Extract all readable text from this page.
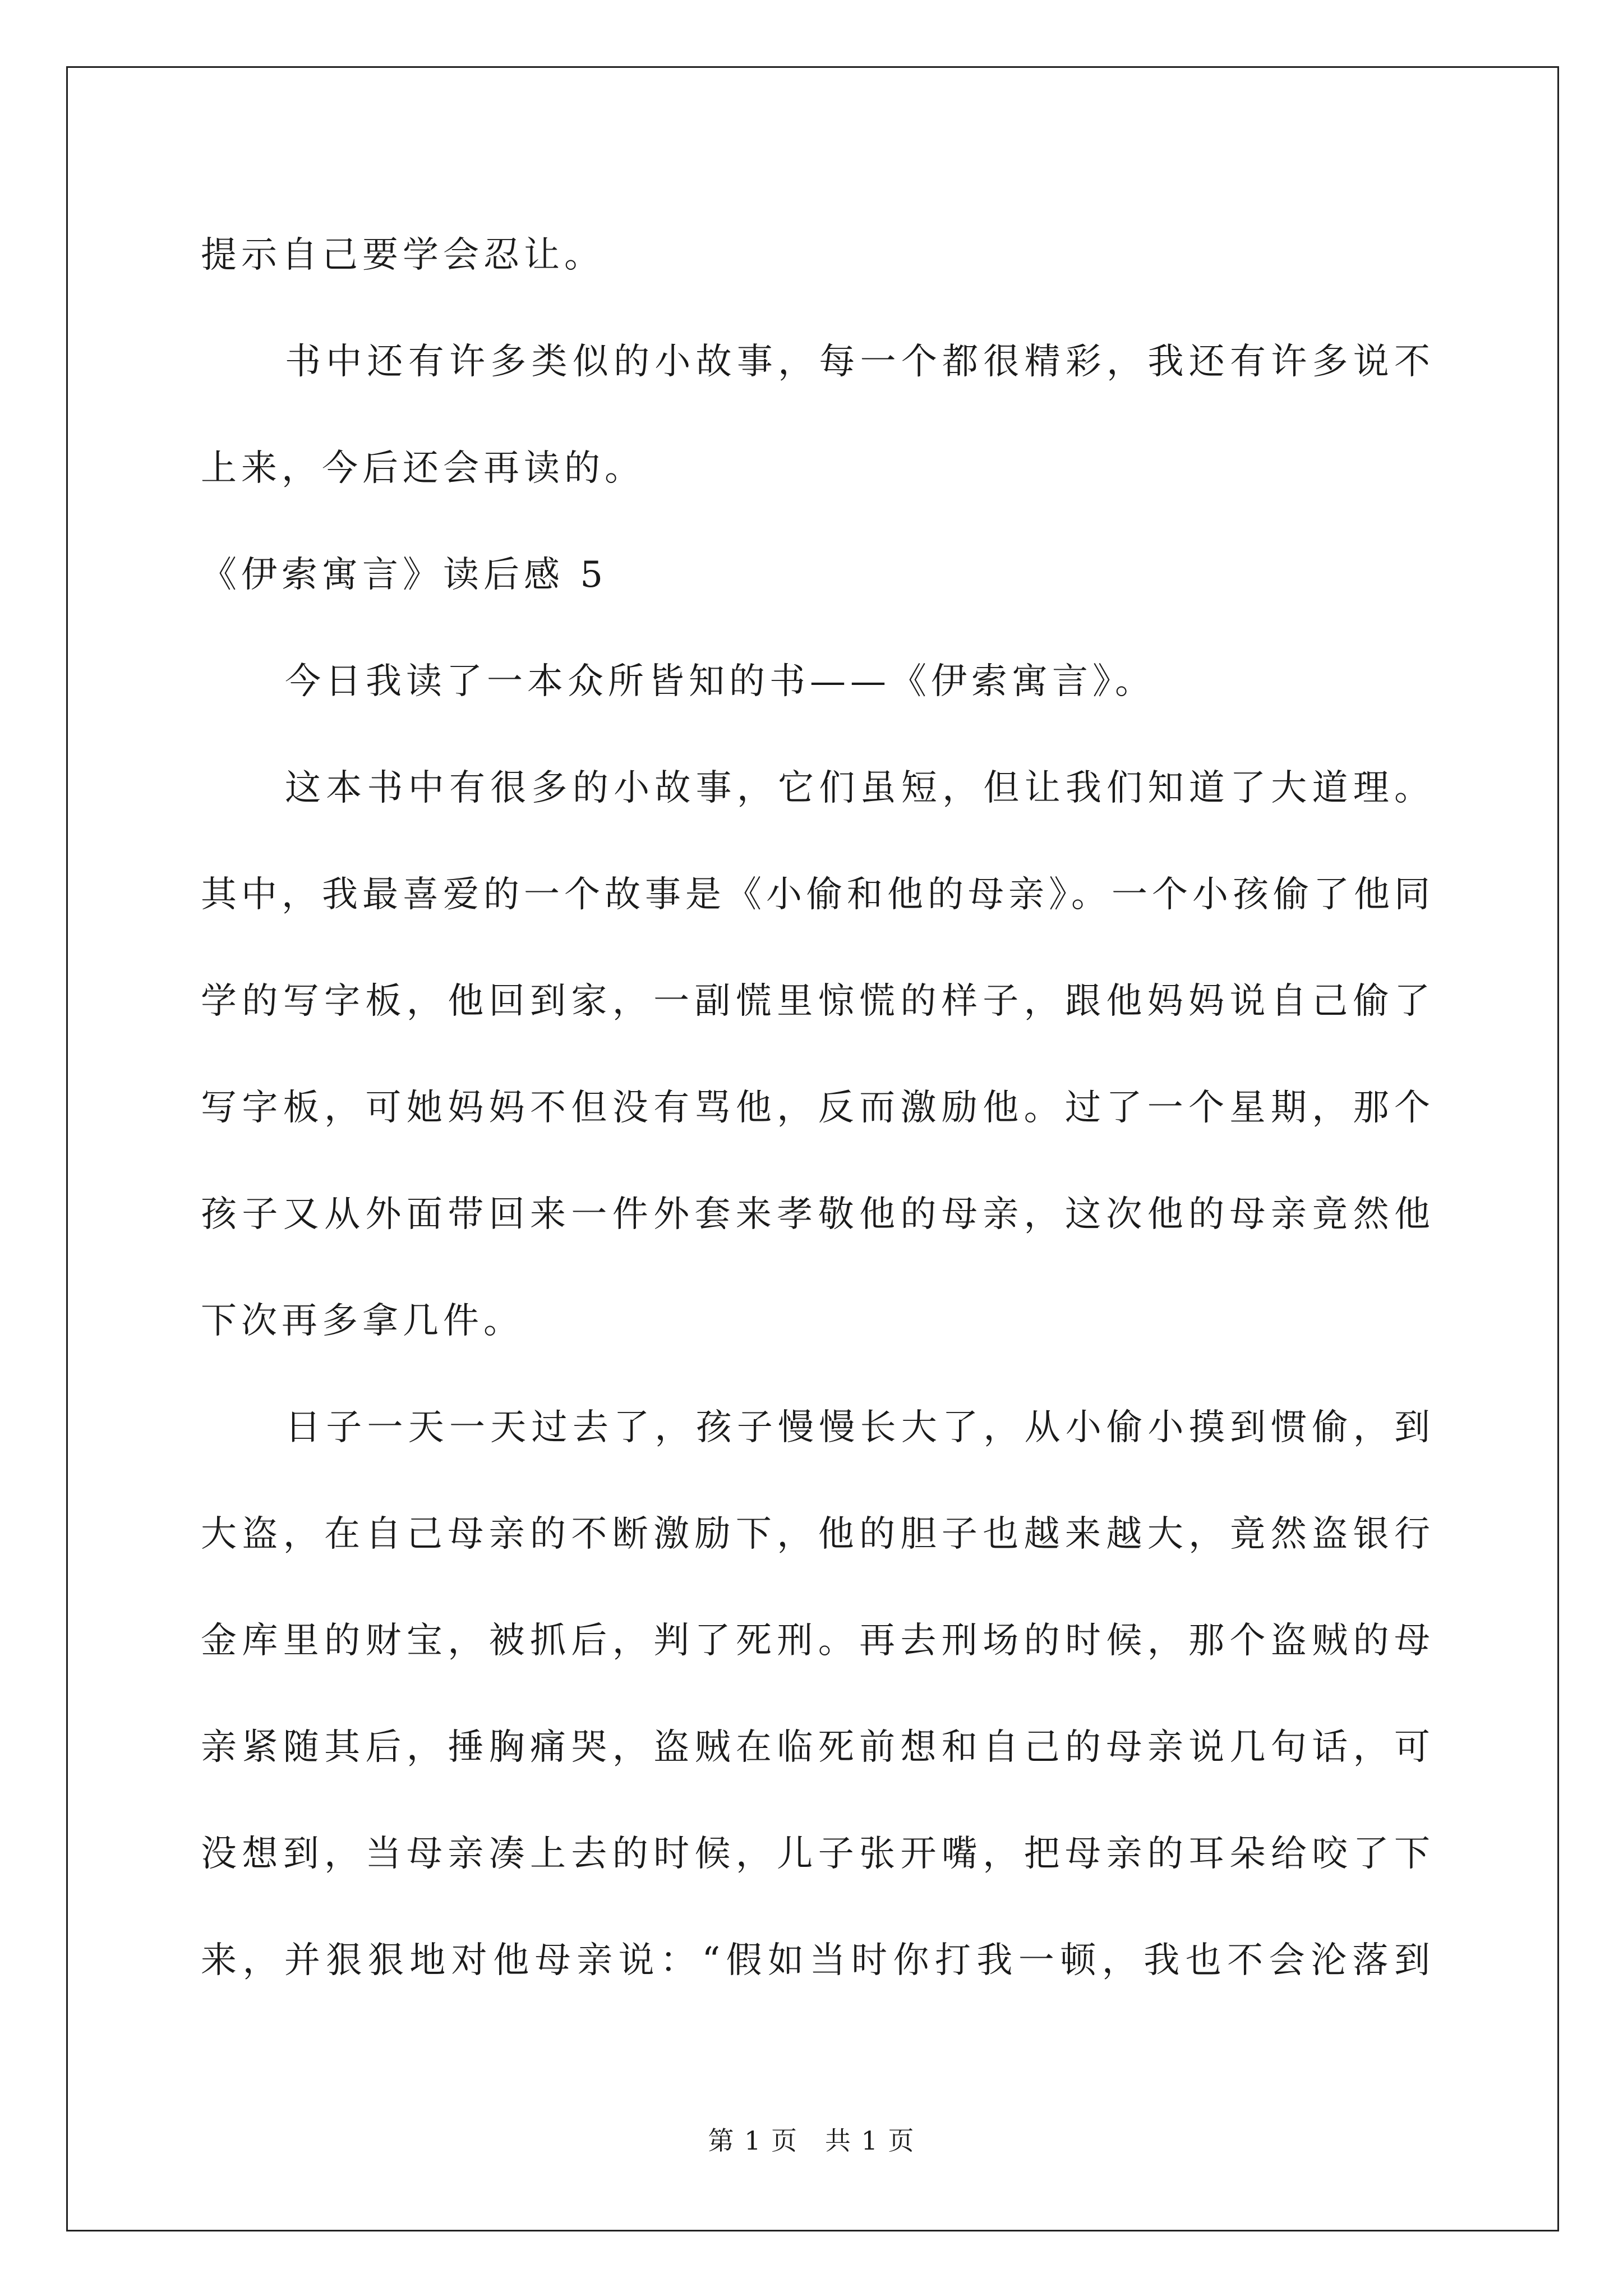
提示自己要学会忍让。
书中还有许多类似的小故事，每一个都很精彩，我还有许多说不
上来，今后还会再读的。
《伊索寓言》读后感 5
今日我读了一本众所皆知的书——《伊索寓言》。
这本书中有很多的小故事，它们虽短，但让我们知道了大道理。
其中，我最喜爱的一个故事是《小偷和他的母亲》。一个小孩偷了他同
学的写字板，他回到家，一副慌里惊慌的样子，跟他妈妈说自己偷了
写字板，可她妈妈不但没有骂他，反而激励他。过了一个星期，那个
孩子又从外面带回来一件外套来孝敬他的母亲，这次他的母亲竟然他
下次再多拿几件。
日子一天一天过去了，孩子慢慢长大了，从小偷小摸到惯偷，到
大盗，在自己母亲的不断激励下，他的胆子也越来越大，竟然盗银行
金库里的财宝，被抓后，判了死刑。再去刑场的时候，那个盗贼的母
亲紧随其后，捶胸痛哭，盗贼在临死前想和自己的母亲说几句话，可
没想到，当母亲凑上去的时候，儿子张开嘴，把母亲的耳朵给咬了下
来，并狠狠地对他母亲说：“假如当时你打我一顿，我也不会沦落到
第 1 页 共 1 页
